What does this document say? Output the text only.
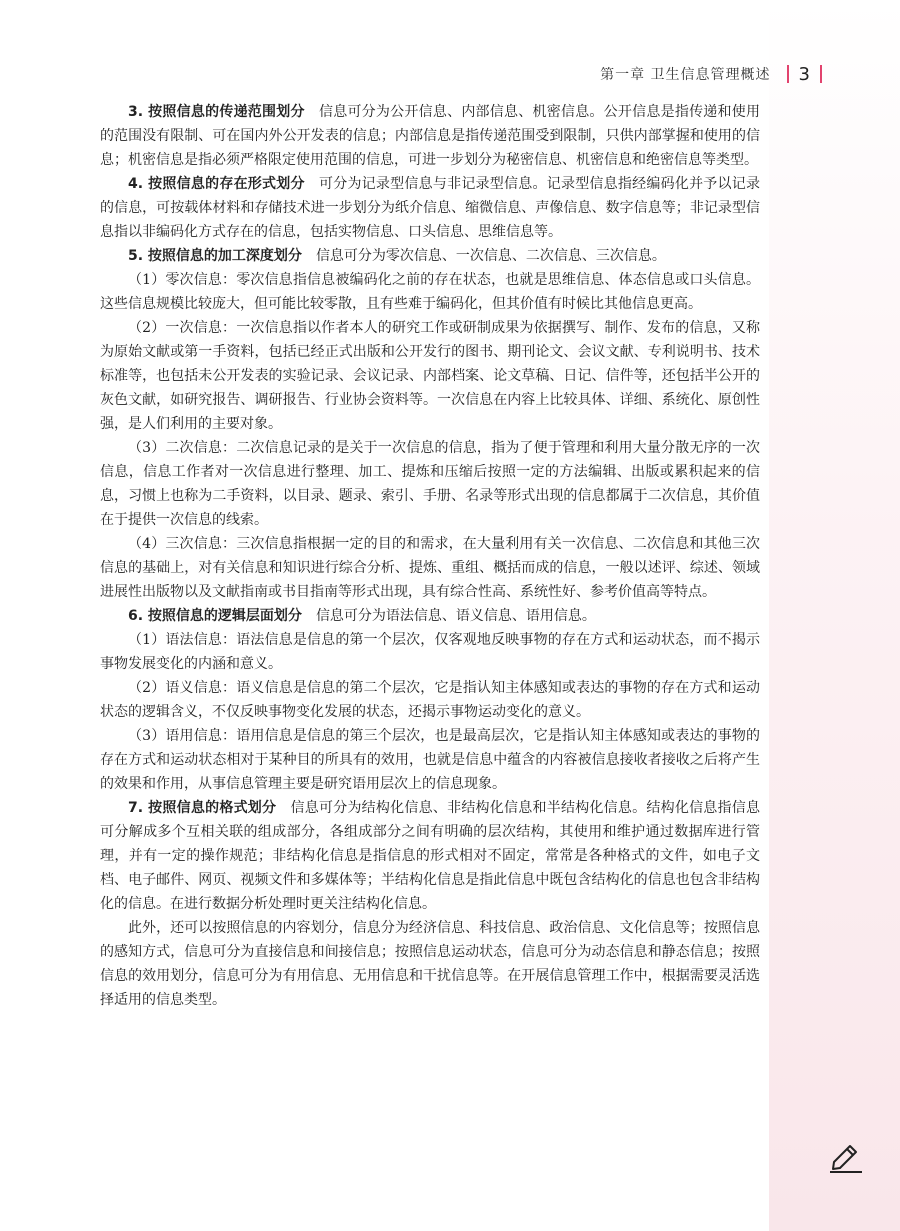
第一章 卫生信息管理概述 3

3. 按照信息的传递范围划分  信息可分为公开信息、内部信息、机密信息。公开信息是指传递和使用的范围没有限制、可在国内外公开发表的信息；内部信息是指传递范围受到限制，只供内部掌握和使用的信息；机密信息是指必须严格限定使用范围的信息，可进一步划分为秘密信息、机密信息和绝密信息等类型。

4. 按照信息的存在形式划分  可分为记录型信息与非记录型信息。记录型信息指经编码化并予以记录的信息，可按载体材料和存储技术进一步划分为纸介信息、缩微信息、声像信息、数字信息等；非记录型信息指以非编码化方式存在的信息，包括实物信息、口头信息、思维信息等。

5. 按照信息的加工深度划分  信息可分为零次信息、一次信息、二次信息、三次信息。

（1）零次信息：零次信息指信息被编码化之前的存在状态，也就是思维信息、体态信息或口头信息。这些信息规模比较庞大，但可能比较零散，且有些难于编码化，但其价值有时候比其他信息更高。

（2）一次信息：一次信息指以作者本人的研究工作或研制成果为依据撰写、制作、发布的信息，又称为原始文献或第一手资料，包括已经正式出版和公开发行的图书、期刊论文、会议文献、专利说明书、技术标准等，也包括未公开发表的实验记录、会议记录、内部档案、论文草稿、日记、信件等，还包括半公开的灰色文献，如研究报告、调研报告、行业协会资料等。一次信息在内容上比较具体、详细、系统化、原创性强，是人们利用的主要对象。

（3）二次信息：二次信息记录的是关于一次信息的信息，指为了便于管理和利用大量分散无序的一次信息，信息工作者对一次信息进行整理、加工、提炼和压缩后按照一定的方法编辑、出版或累积起来的信息，习惯上也称为二手资料，以目录、题录、索引、手册、名录等形式出现的信息都属于二次信息，其价值在于提供一次信息的线索。

（4）三次信息：三次信息指根据一定的目的和需求，在大量利用有关一次信息、二次信息和其他三次信息的基础上，对有关信息和知识进行综合分析、提炼、重组、概括而成的信息，一般以述评、综述、领域进展性出版物以及文献指南或书目指南等形式出现，具有综合性高、系统性好、参考价值高等特点。

6. 按照信息的逻辑层面划分  信息可分为语法信息、语义信息、语用信息。

（1）语法信息：语法信息是信息的第一个层次，仅客观地反映事物的存在方式和运动状态，而不揭示事物发展变化的内涵和意义。

（2）语义信息：语义信息是信息的第二个层次，它是指认知主体感知或表达的事物的存在方式和运动状态的逻辑含义，不仅反映事物变化发展的状态，还揭示事物运动变化的意义。

（3）语用信息：语用信息是信息的第三个层次，也是最高层次，它是指认知主体感知或表达的事物的存在方式和运动状态相对于某种目的所具有的效用，也就是信息中蕴含的内容被信息接收者接收之后将产生的效果和作用，从事信息管理主要是研究语用层次上的信息现象。

7. 按照信息的格式划分  信息可分为结构化信息、非结构化信息和半结构化信息。结构化信息指信息可分解成多个互相关联的组成部分，各组成部分之间有明确的层次结构，其使用和维护通过数据库进行管理，并有一定的操作规范；非结构化信息是指信息的形式相对不固定，常常是各种格式的文件，如电子文档、电子邮件、网页、视频文件和多媒体等；半结构化信息是指此信息中既包含结构化的信息也包含非结构化的信息。在进行数据分析处理时更关注结构化信息。

此外，还可以按照信息的内容划分，信息分为经济信息、科技信息、政治信息、文化信息等；按照信息的感知方式，信息可分为直接信息和间接信息；按照信息运动状态，信息可分为动态信息和静态信息；按照信息的效用划分，信息可分为有用信息、无用信息和干扰信息等。在开展信息管理工作中，根据需要灵活选择适用的信息类型。
